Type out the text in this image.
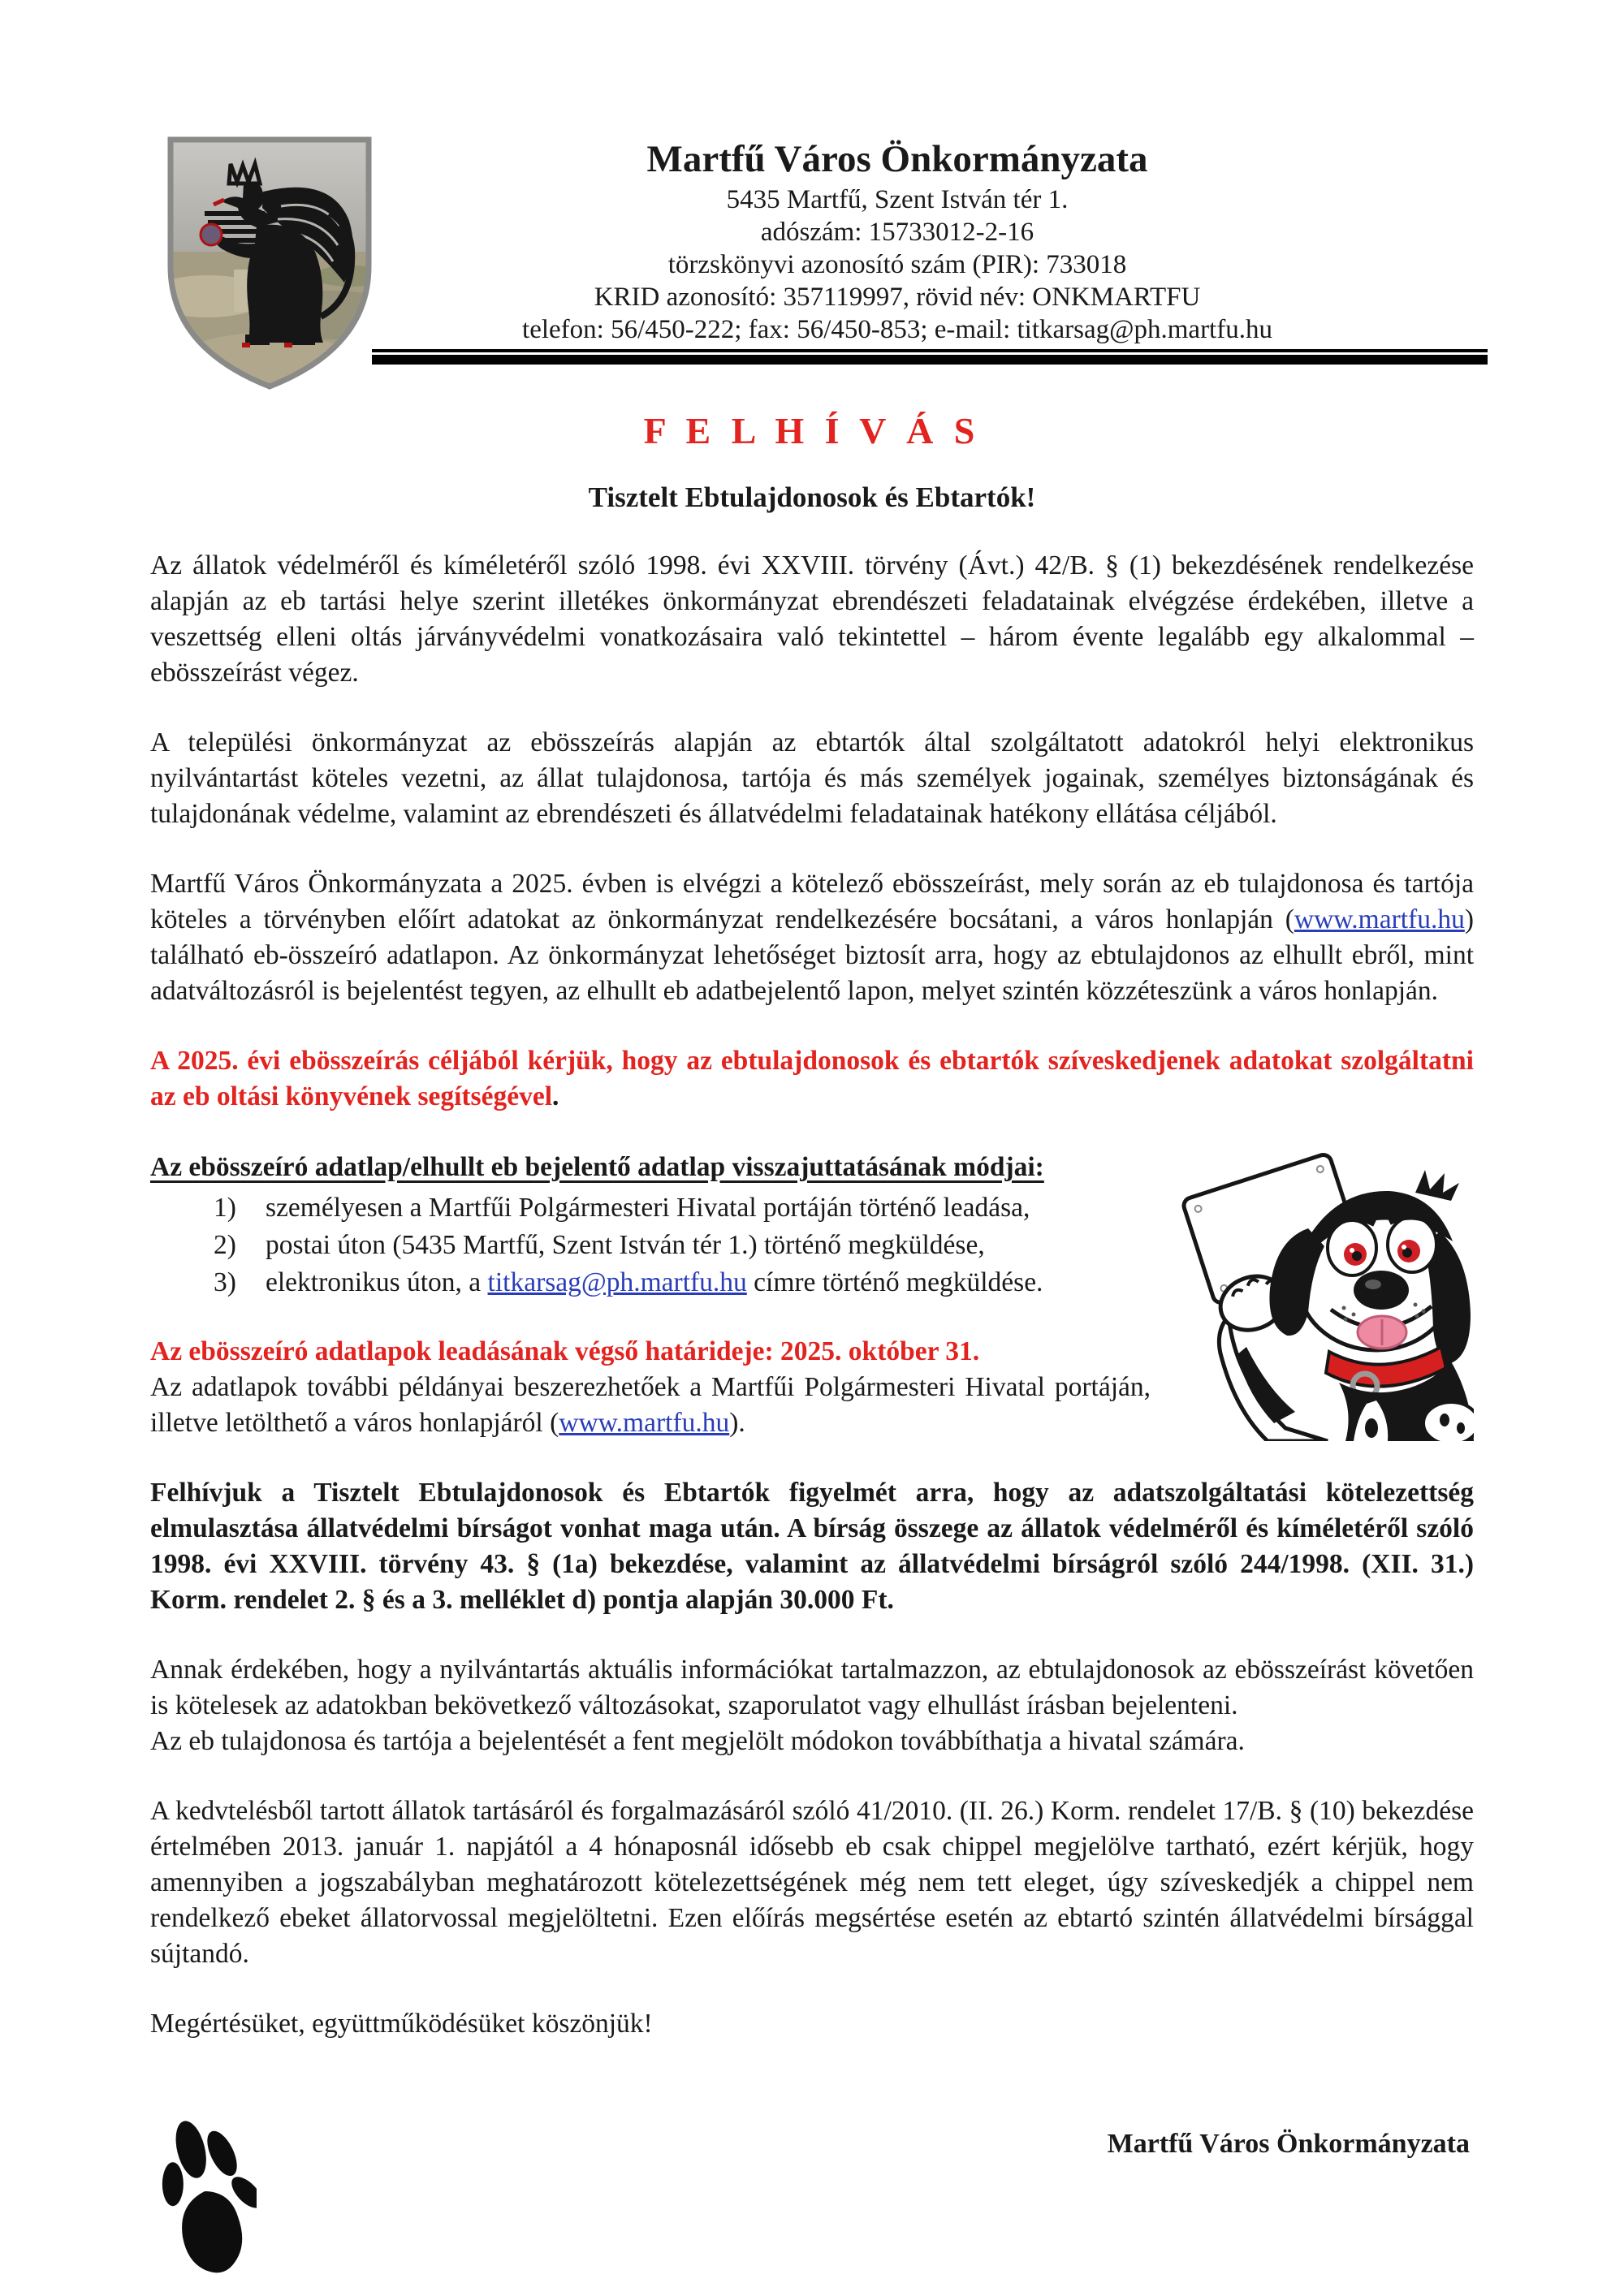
Martfű Város Önkormányzata
5435 Martfű, Szent István tér 1.
adószám: 15733012-2-16
törzskönyvi azonosító szám (PIR): 733018
KRID azonosító: 357119997, rövid név: ONKMARTFU
telefon: 56/450-222; fax: 56/450-853; e-mail: titkarsag@ph.martfu.hu
F E L H Í V Á S
Tisztelt Ebtulajdonosok és Ebtartók!

Az állatok védelméről és kíméletéről szóló 1998. évi XXVIII. törvény (Ávt.) 42/B. § (1) bekezdésének rendelkezése alapján az eb tartási helye szerint illetékes önkormányzat ebrendészeti feladatainak elvégzése érdekében, illetve a veszettség elleni oltás járványvédelmi vonatkozásaira való tekintettel – három évente legalább egy alkalommal – ebösszeírást végez.

A települési önkormányzat az ebösszeírás alapján az ebtartók által szolgáltatott adatokról helyi elektronikus nyilvántartást köteles vezetni, az állat tulajdonosa, tartója és más személyek jogainak, személyes biztonságának és tulajdonának védelme, valamint az ebrendészeti és állatvédelmi feladatainak hatékony ellátása céljából.

Martfű Város Önkormányzata a 2025. évben is elvégzi a kötelező ebösszeírást, mely során az eb tulajdonosa és tartója köteles a törvényben előírt adatokat az önkormányzat rendelkezésére bocsátani, a város honlapján (www.martfu.hu) található eb-összeíró adatlapon. Az önkormányzat lehetőséget biztosít arra, hogy az ebtulajdonos az elhullt ebről, mint adatváltozásról is bejelentést tegyen, az elhullt eb adatbejelentő lapon, melyet szintén közzéteszünk a város honlapján.

A 2025. évi ebösszeírás céljából kérjük, hogy az ebtulajdonosok és ebtartók szíveskedjenek adatokat szolgáltatni az eb oltási könyvének segítségével.

Az ebösszeíró adatlap/elhullt eb bejelentő adatlap visszajuttatásának módjai:

1)	személyesen a Martfűi Polgármesteri Hivatal portáján történő leadása,
2)	postai úton (5435 Martfű, Szent István tér 1.) történő megküldése,
3)	elektronikus úton, a titkarsag@ph.martfu.hu címre történő megküldése.

Az ebösszeíró adatlapok leadásának végső határideje: 2025. október 31.

Az adatlapok további példányai beszerezhetőek a Martfűi Polgármesteri Hivatal portáján, illetve letölthető a város honlapjáról (www.martfu.hu).

Felhívjuk a Tisztelt Ebtulajdonosok és Ebtartók figyelmét arra, hogy az adatszolgáltatási kötelezettség elmulasztása állatvédelmi bírságot vonhat maga után. A bírság összege az állatok védelméről és kíméletéről szóló 1998. évi XXVIII. törvény 43. § (1a) bekezdése, valamint az állatvédelmi bírságról szóló 244/1998. (XII. 31.) Korm. rendelet 2. § és a 3. melléklet d) pontja alapján 30.000 Ft.

Annak érdekében, hogy a nyilvántartás aktuális információkat tartalmazzon, az ebtulajdonosok az ebösszeírást követően is kötelesek az adatokban bekövetkező változásokat, szaporulatot vagy elhullást írásban bejelenteni.

Az eb tulajdonosa és tartója a bejelentését a fent megjelölt módokon továbbíthatja a hivatal számára.

A kedvtelésből tartott állatok tartásáról és forgalmazásáról szóló 41/2010. (II. 26.) Korm. rendelet 17/B. § (10) bekezdése értelmében 2013. január 1. napjától a 4 hónaposnál idősebb eb csak chippel megjelölve tartható, ezért kérjük, hogy amennyiben a jogszabályban meghatározott kötelezettségének még nem tett eleget, úgy szíveskedjék a chippel nem rendelkező ebeket állatorvossal megjelöltetni. Ezen előírás megsértése esetén az ebtartó szintén állatvédelmi bírsággal sújtandó.

Megértésüket, együttműködésüket köszönjük!

Martfű Város Önkormányzata
